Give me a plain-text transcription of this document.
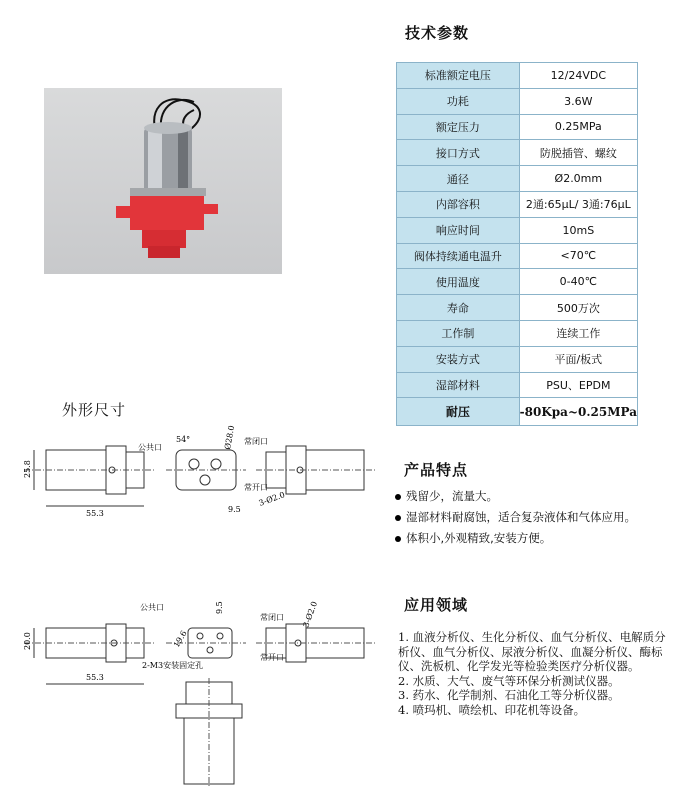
技术参数
标准额定电压	12/24VDC
功耗	3.6W
额定压力	0.25MPa
接口方式	防脱插管、螺纹
通径	Ø2.0mm
内部容积	2通:65μL/ 3通:76μL
响应时间	10mS
阀体持续通电温升	<70℃
使用温度	0-40℃
寿命	500万次
工作制	连续工作
安装方式	平面/板式
湿部材料	PSU、EPDM
耐压	-80Kpa~0.25MPa
外形尺寸
25.8
55.3
公共口
常闭口
常开口
54°	Ø28.0
9.5
3-Ø2.0
产品特点
残留少，流量大。
湿部材料耐腐蚀，适合复杂液体和气体应用。
体积小,外观精致,安装方便。
20.0
55.3
公共口
常闭口
常开口
9.5
19.6
3-Ø2.0
2-M3安装固定孔
应用领域

1. 血液分析仪、生化分析仪、血气分析仪、电解质分析仪、血气分析仪、尿液分析仪、血凝分析仪、酶标仪、洗板机、化学发光等检验类医疗分析仪器。

2. 水质、大气、废气等环保分析测试仪器。

3. 药水、化学制剂、石油化工等分析仪器。

4. 喷玛机、喷绘机、印花机等设备。
